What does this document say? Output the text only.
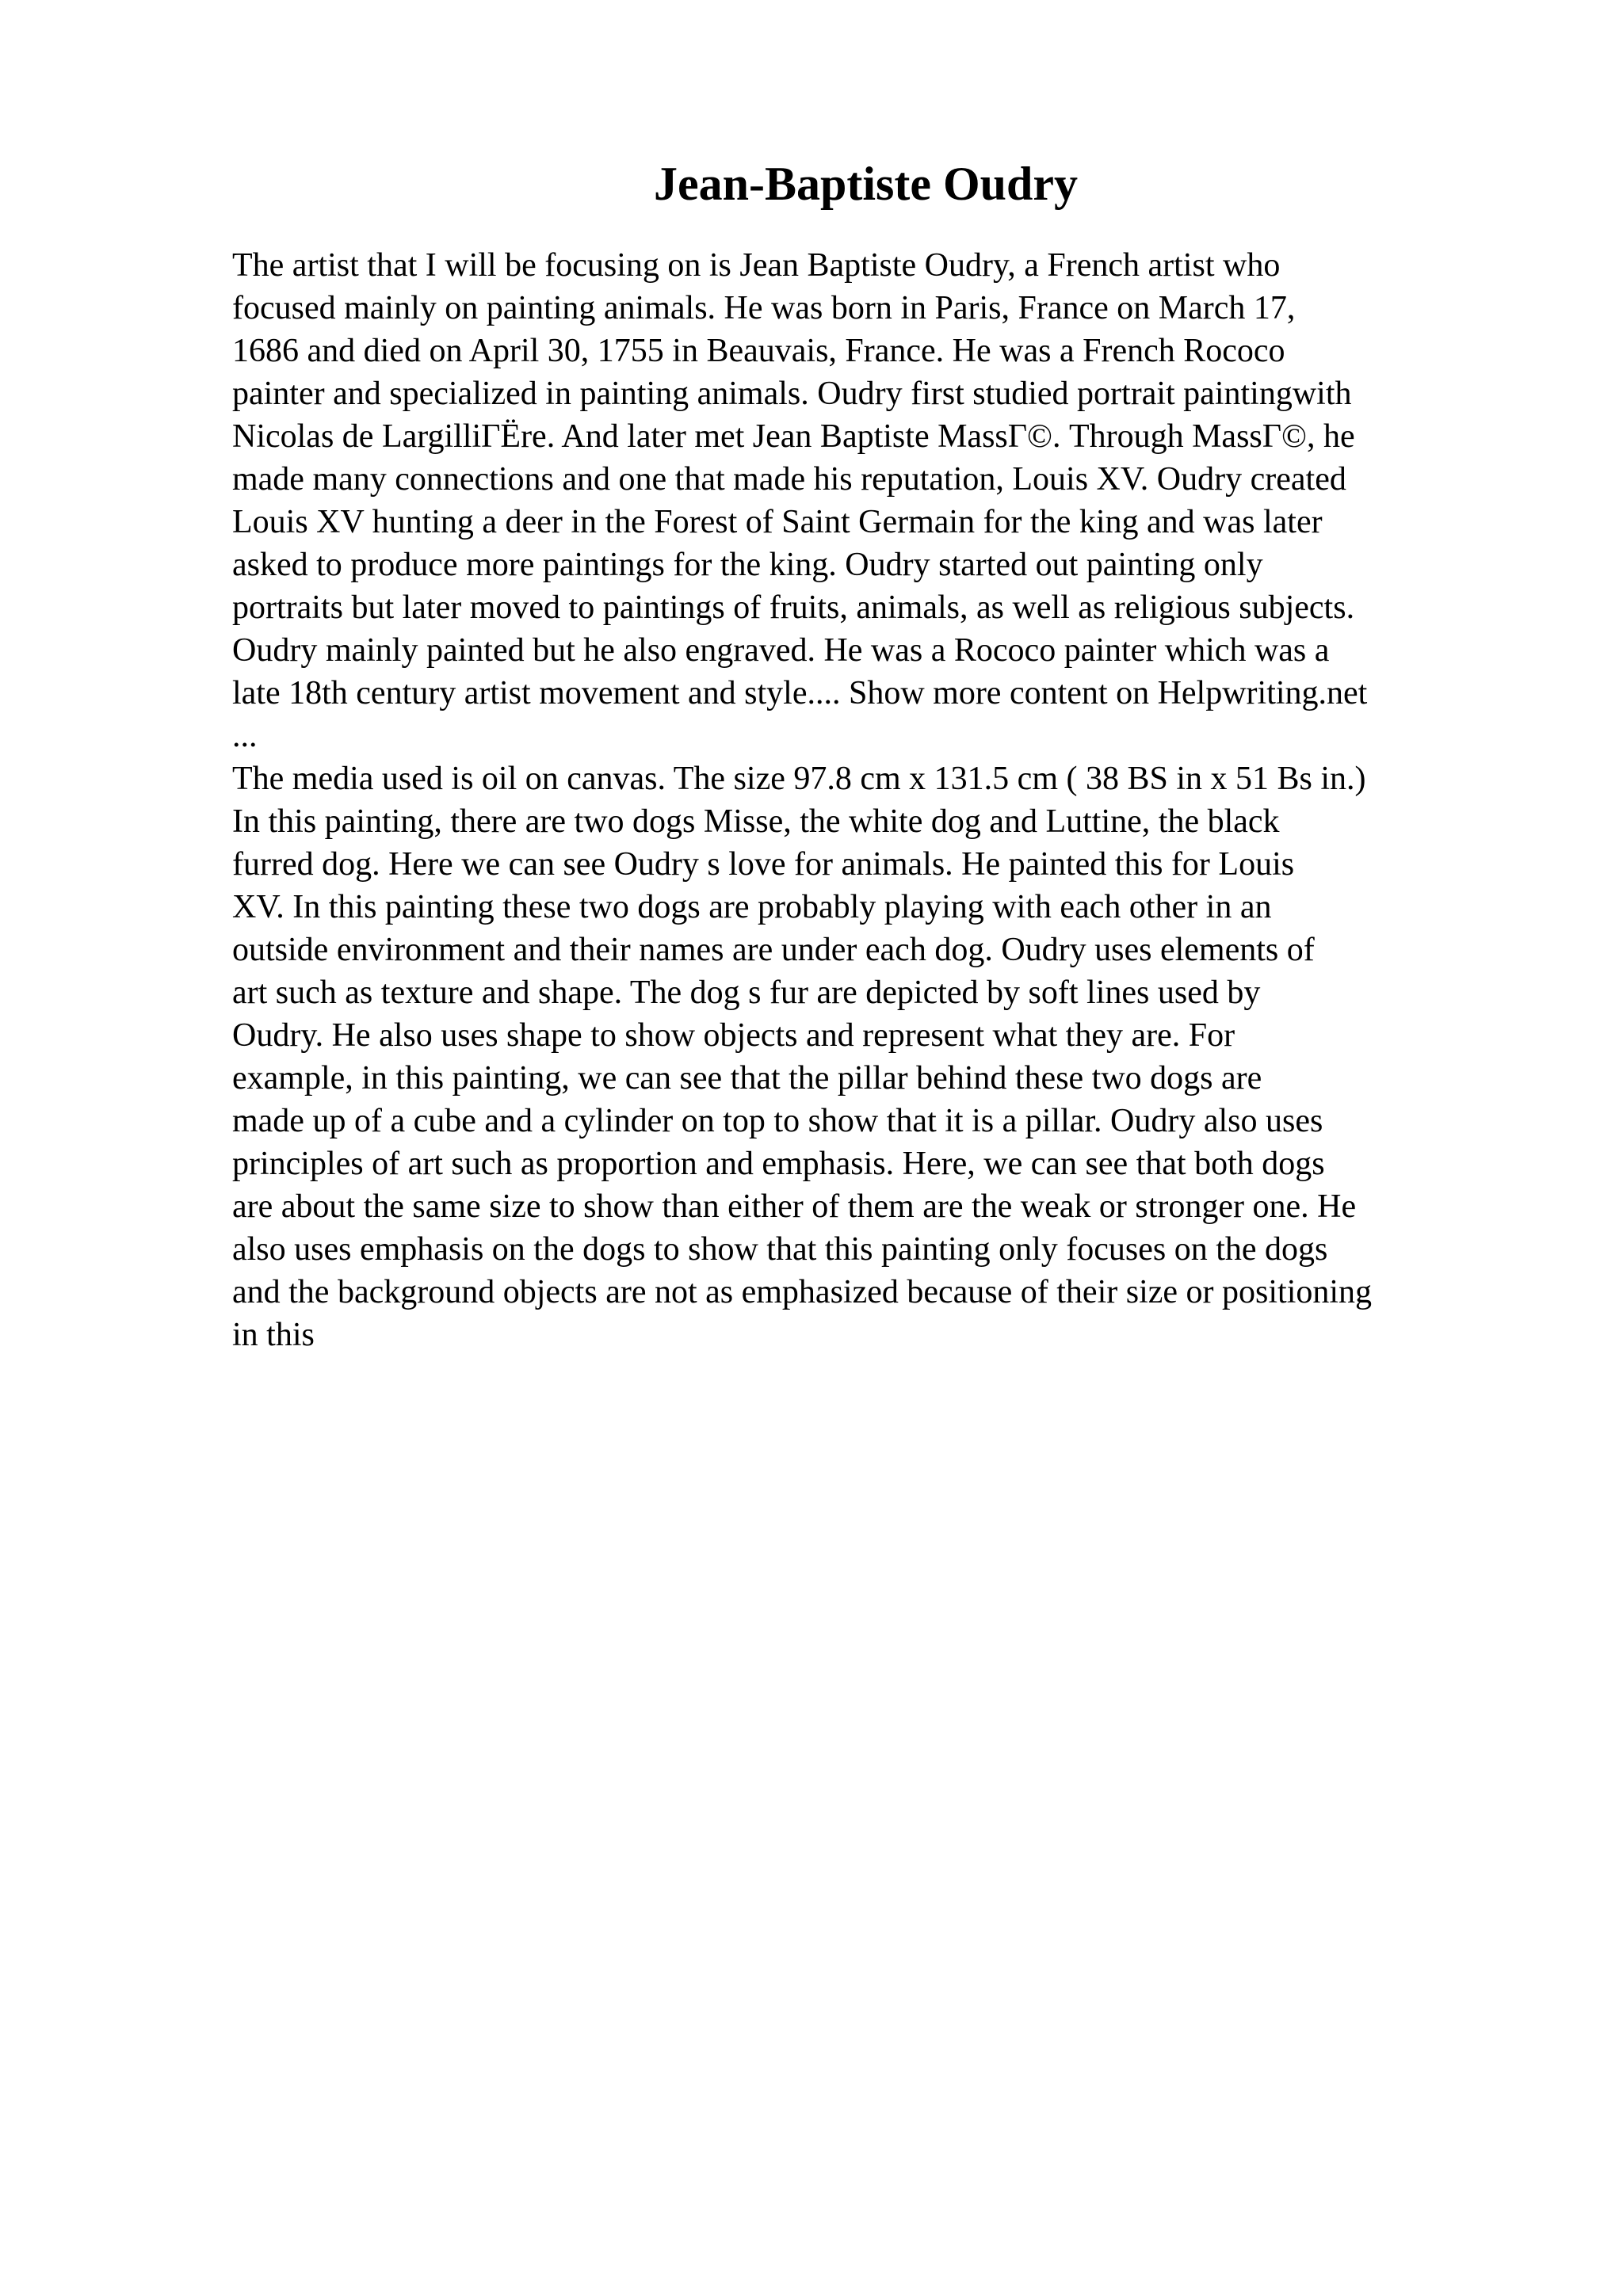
Jean-Baptiste Oudry
The artist that I will be focusing on is Jean Baptiste Oudry, a French artist who
focused mainly on painting animals. He was born in Paris, France on March 17,
1686 and died on April 30, 1755 in Beauvais, France. He was a French Rococo
painter and specialized in painting animals. Oudry first studied portrait paintingwith
Nicolas de LargilliГЁre. And later met Jean Baptiste MassГ©. Through MassГ©, he
made many connections and one that made his reputation, Louis XV. Oudry created
Louis XV hunting a deer in the Forest of Saint Germain for the king and was later
asked to produce more paintings for the king. Oudry started out painting only
portraits but later moved to paintings of fruits, animals, as well as religious subjects.
Oudry mainly painted but he also engraved. He was a Rococo painter which was a
late 18th century artist movement and style.... Show more content on Helpwriting.net
...
The media used is oil on canvas. The size 97.8 cm x 131.5 cm ( 38 BS in x 51 Bs in.)
In this painting, there are two dogs Misse, the white dog and Luttine, the black
furred dog. Here we can see Oudry s love for animals. He painted this for Louis
XV. In this painting these two dogs are probably playing with each other in an
outside environment and their names are under each dog. Oudry uses elements of
art such as texture and shape. The dog s fur are depicted by soft lines used by
Oudry. He also uses shape to show objects and represent what they are. For
example, in this painting, we can see that the pillar behind these two dogs are
made up of a cube and a cylinder on top to show that it is a pillar. Oudry also uses
principles of art such as proportion and emphasis. Here, we can see that both dogs
are about the same size to show than either of them are the weak or stronger one. He
also uses emphasis on the dogs to show that this painting only focuses on the dogs
and the background objects are not as emphasized because of their size or positioning
in this
